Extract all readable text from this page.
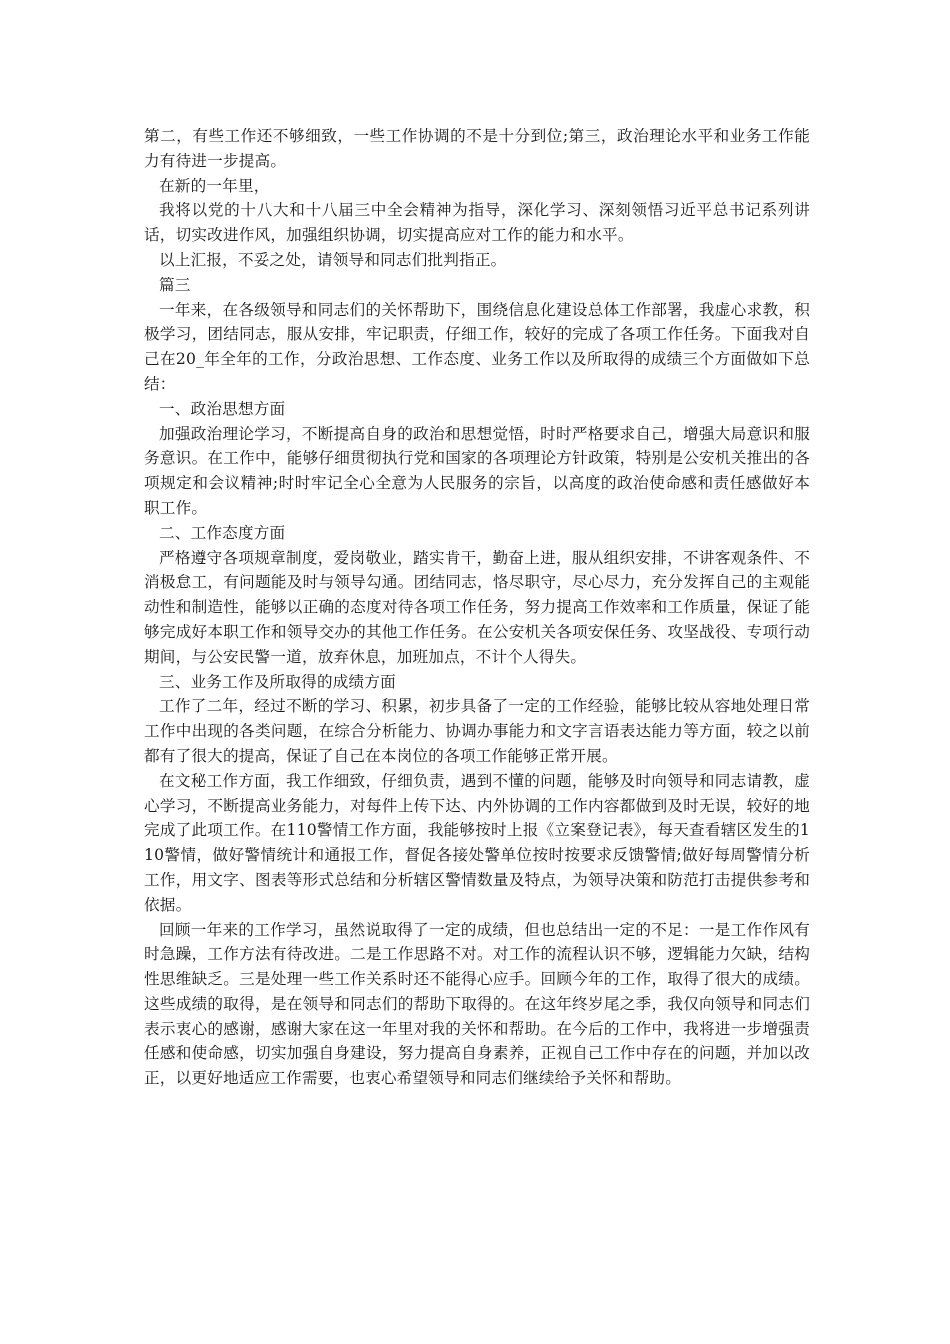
第二，有些工作还不够细致，一些工作协调的不是十分到位;第三，政治理论水平和业务工作能力有待进一步提高。

在新的一年里，

我将以党的十八大和十八届三中全会精神为指导，深化学习、深刻领悟习近平总书记系列讲话，切实改进作风，加强组织协调，切实提高应对工作的能力和水平。

以上汇报，不妥之处，请领导和同志们批判指正。

篇三

一年来，在各级领导和同志们的关怀帮助下，围绕信息化建设总体工作部署，我虚心求教，积极学习，团结同志，服从安排，牢记职责，仔细工作，较好的完成了各项工作任务。下面我对自己在20_年全年的工作，分政治思想、工作态度、业务工作以及所取得的成绩三个方面做如下总结：

一、政治思想方面

加强政治理论学习，不断提高自身的政治和思想觉悟，时时严格要求自己，增强大局意识和服务意识。在工作中，能够仔细贯彻执行党和国家的各项理论方针政策，特别是公安机关推出的各项规定和会议精神;时时牢记全心全意为人民服务的宗旨，以高度的政治使命感和责任感做好本职工作。

二、工作态度方面

严格遵守各项规章制度，爱岗敬业，踏实肯干，勤奋上进，服从组织安排，不讲客观条件、不消极怠工，有问题能及时与领导勾通。团结同志，恪尽职守，尽心尽力，充分发挥自己的主观能动性和制造性，能够以正确的态度对待各项工作任务，努力提高工作效率和工作质量，保证了能够完成好本职工作和领导交办的其他工作任务。在公安机关各项安保任务、攻坚战役、专项行动期间，与公安民警一道，放弃休息，加班加点，不计个人得失。

三、业务工作及所取得的成绩方面

工作了二年，经过不断的学习、积累，初步具备了一定的工作经验，能够比较从容地处理日常工作中出现的各类问题，在综合分析能力、协调办事能力和文字言语表达能力等方面，较之以前都有了很大的提高，保证了自己在本岗位的各项工作能够正常开展。

在文秘工作方面，我工作细致，仔细负责，遇到不懂的问题，能够及时向领导和同志请教，虚心学习，不断提高业务能力，对每件上传下达、内外协调的工作内容都做到及时无误，较好的地完成了此项工作。在110警情工作方面，我能够按时上报《立案登记表》，每天查看辖区发生的110警情，做好警情统计和通报工作，督促各接处警单位按时按要求反馈警情;做好每周警情分析工作，用文字、图表等形式总结和分析辖区警情数量及特点，为领导决策和防范打击提供参考和依据。

回顾一年来的工作学习，虽然说取得了一定的成绩，但也总结出一定的不足：一是工作作风有时急躁，工作方法有待改进。二是工作思路不对。对工作的流程认识不够，逻辑能力欠缺，结构性思维缺乏。三是处理一些工作关系时还不能得心应手。回顾今年的工作，取得了很大的成绩。这些成绩的取得，是在领导和同志们的帮助下取得的。在这年终岁尾之季，我仅向领导和同志们表示衷心的感谢，感谢大家在这一年里对我的关怀和帮助。在今后的工作中，我将进一步增强责任感和使命感，切实加强自身建设，努力提高自身素养，正视自己工作中存在的问题，并加以改正，以更好地适应工作需要，也衷心希望领导和同志们继续给予关怀和帮助。
